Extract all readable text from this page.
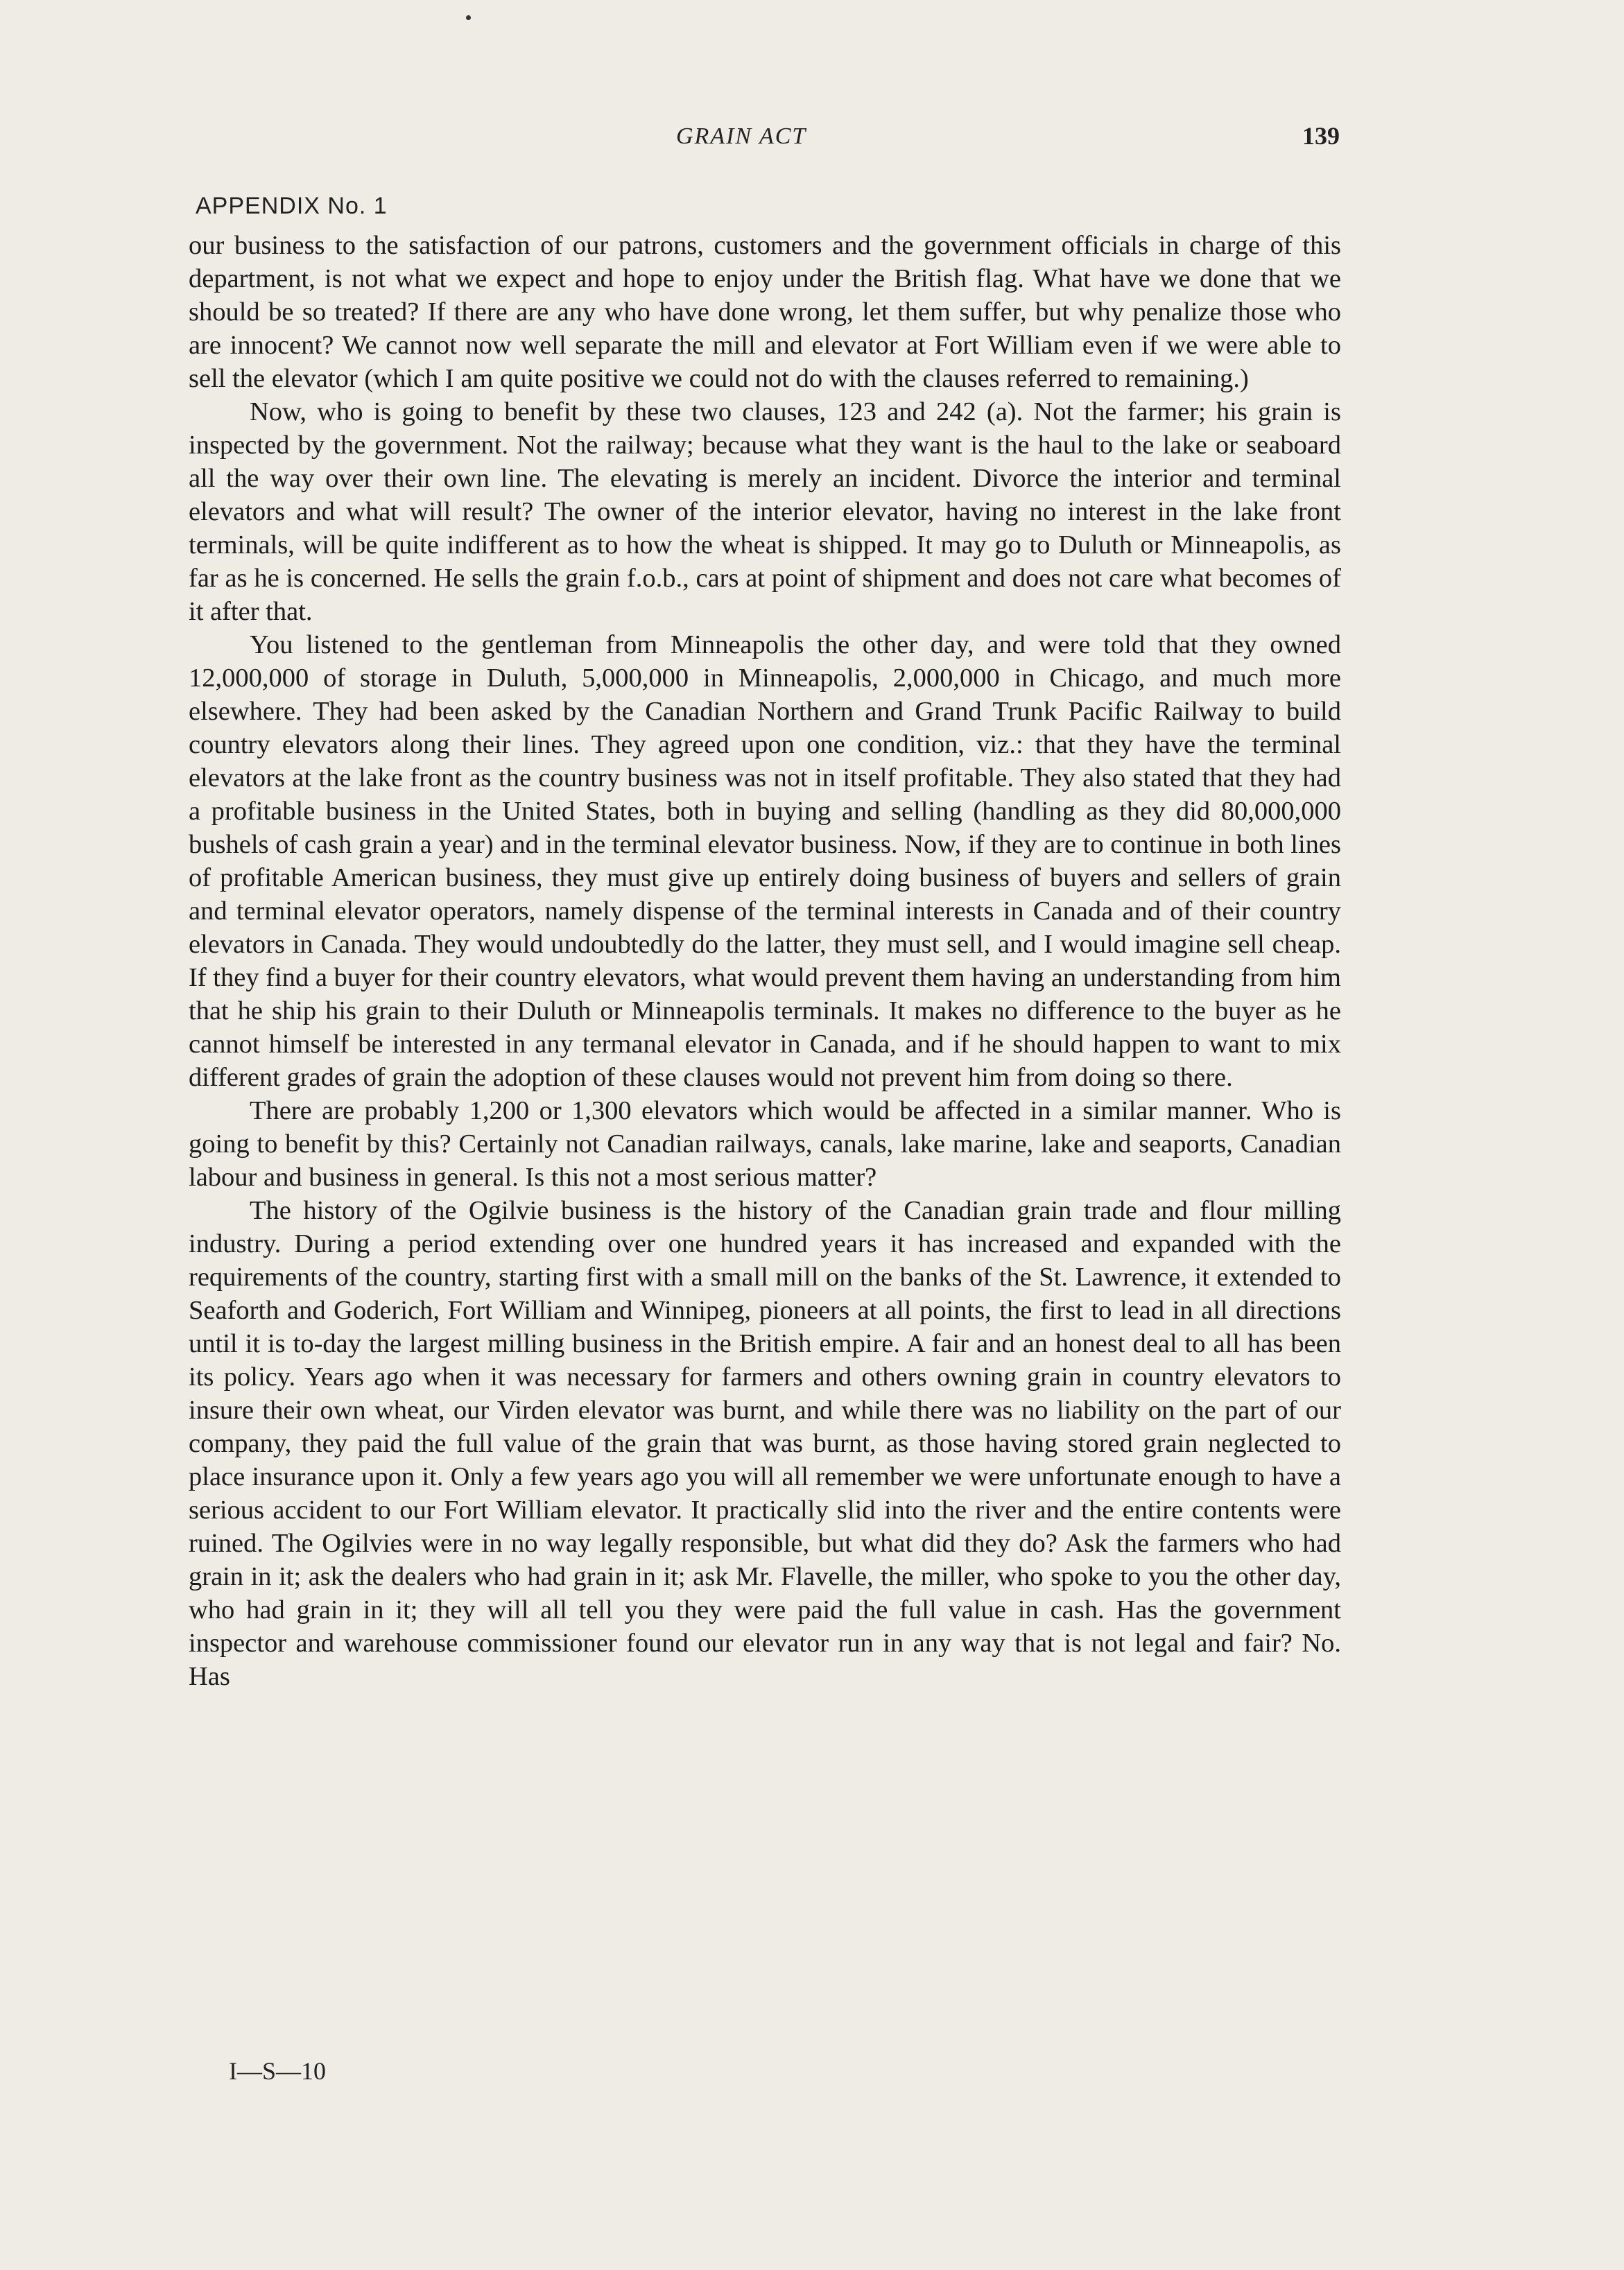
GRAIN ACT	139
APPENDIX No. 1

our business to the satisfaction of our patrons, customers and the government officials in charge of this department, is not what we expect and hope to enjoy under the British flag. What have we done that we should be so treated? If there are any who have done wrong, let them suffer, but why penalize those who are innocent? We cannot now well separate the mill and elevator at Fort William even if we were able to sell the elevator (which I am quite positive we could not do with the clauses referred to remaining.)

Now, who is going to benefit by these two clauses, 123 and 242 (a). Not the farmer; his grain is inspected by the government. Not the railway; because what they want is the haul to the lake or seaboard all the way over their own line. The elevating is merely an incident. Divorce the interior and terminal elevators and what will result? The owner of the interior elevator, having no interest in the lake front terminals, will be quite indifferent as to how the wheat is shipped. It may go to Duluth or Minneapolis, as far as he is concerned. He sells the grain f.o.b., cars at point of shipment and does not care what becomes of it after that.

You listened to the gentleman from Minneapolis the other day, and were told that they owned 12,000,000 of storage in Duluth, 5,000,000 in Minneapolis, 2,000,000 in Chicago, and much more elsewhere. They had been asked by the Canadian Northern and Grand Trunk Pacific Railway to build country elevators along their lines. They agreed upon one condition, viz.: that they have the terminal elevators at the lake front as the country business was not in itself profitable. They also stated that they had a profitable business in the United States, both in buying and selling (handling as they did 80,000,000 bushels of cash grain a year) and in the terminal elevator business. Now, if they are to continue in both lines of profitable American business, they must give up entirely doing business of buyers and sellers of grain and terminal elevator operators, namely dispense of the terminal interests in Canada and of their country elevators in Canada. They would undoubtedly do the latter, they must sell, and I would imagine sell cheap. If they find a buyer for their country elevators, what would prevent them having an understanding from him that he ship his grain to their Duluth or Minneapolis terminals. It makes no difference to the buyer as he cannot himself be interested in any termanal elevator in Canada, and if he should happen to want to mix different grades of grain the adoption of these clauses would not prevent him from doing so there.

There are probably 1,200 or 1,300 elevators which would be affected in a similar manner. Who is going to benefit by this? Certainly not Canadian railways, canals, lake marine, lake and seaports, Canadian labour and business in general. Is this not a most serious matter?

The history of the Ogilvie business is the history of the Canadian grain trade and flour milling industry. During a period extending over one hundred years it has increased and expanded with the requirements of the country, starting first with a small mill on the banks of the St. Lawrence, it extended to Seaforth and Goderich, Fort William and Winnipeg, pioneers at all points, the first to lead in all directions until it is to-day the largest milling business in the British empire. A fair and an honest deal to all has been its policy. Years ago when it was necessary for farmers and others owning grain in country elevators to insure their own wheat, our Virden elevator was burnt, and while there was no liability on the part of our company, they paid the full value of the grain that was burnt, as those having stored grain neglected to place insurance upon it. Only a few years ago you will all remember we were unfortunate enough to have a serious accident to our Fort William elevator. It practically slid into the river and the entire contents were ruined. The Ogilvies were in no way legally responsible, but what did they do? Ask the farmers who had grain in it; ask the dealers who had grain in it; ask Mr. Flavelle, the miller, who spoke to you the other day, who had grain in it; they will all tell you they were paid the full value in cash. Has the government inspector and warehouse commissioner found our elevator run in any way that is not legal and fair? No. Has

I—S—10
